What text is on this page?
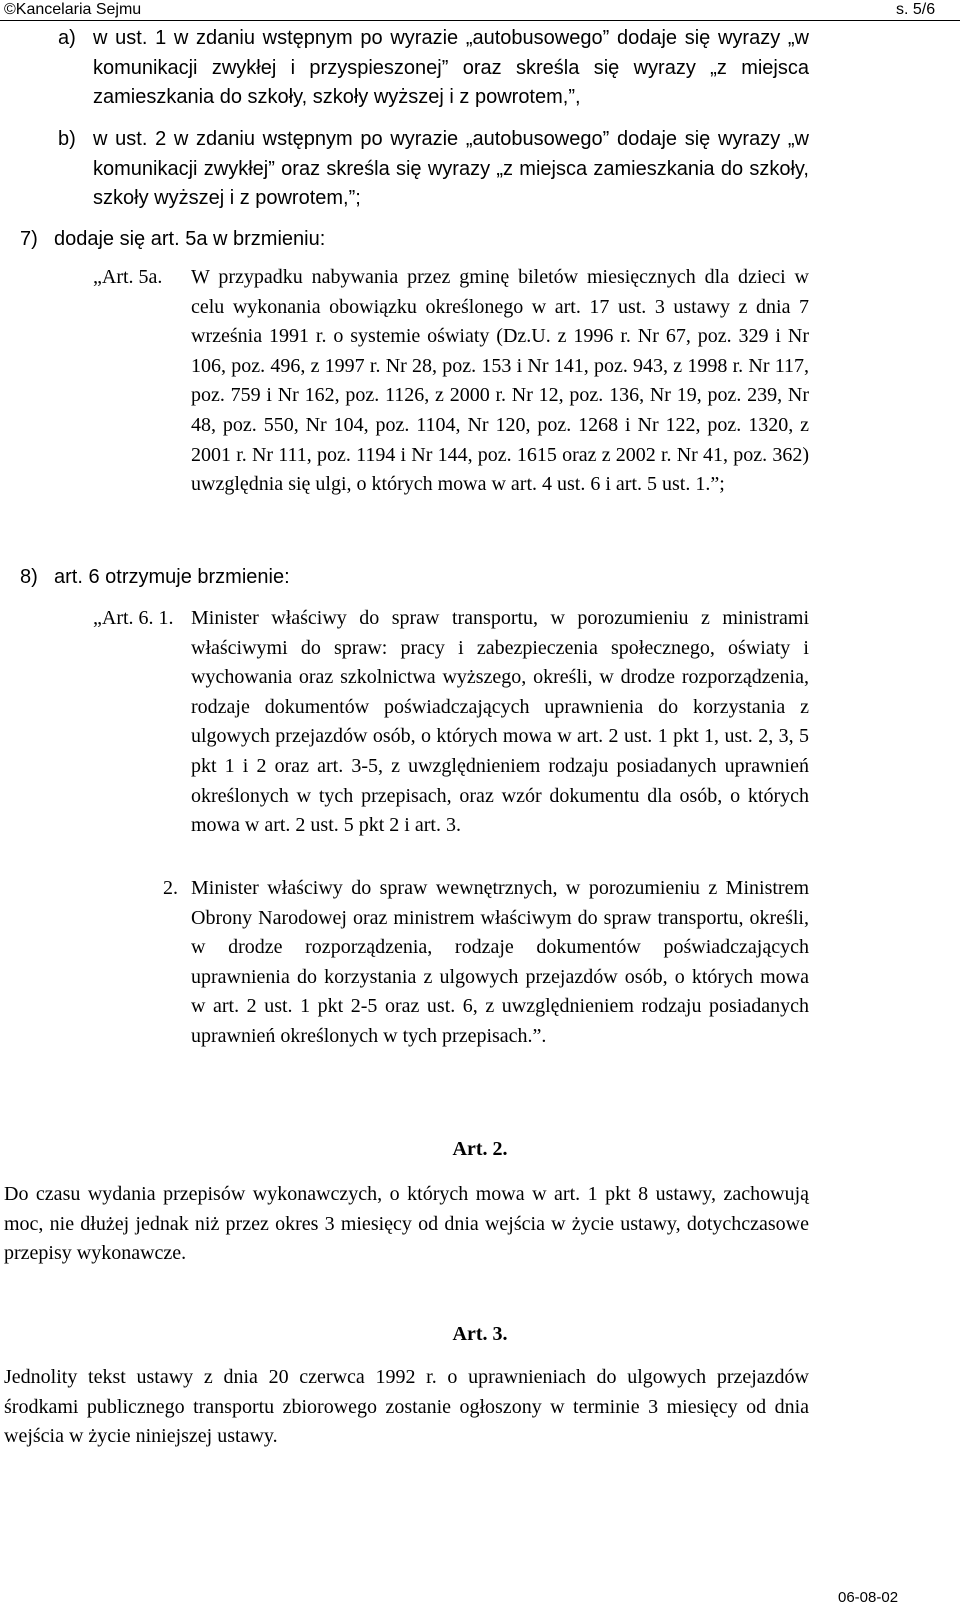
©Kancelaria Sejmu	s. 5/6
a) w ust. 1 w zdaniu wstępnym po wyrazie „autobusowego” dodaje się wyrazy „w komunikacji zwykłej i przyspieszonej” oraz skreśla się wyrazy „z miejsca zamieszkania do szkoły, szkoły wyższej i z powrotem,”,

b) w ust. 2 w zdaniu wstępnym po wyrazie „autobusowego” dodaje się wyrazy „w komunikacji zwykłej” oraz skreśla się wyrazy „z miejsca zamieszkania do szkoły, szkoły wyższej i z powrotem,”;

7) dodaje się art. 5a w brzmieniu:

„Art. 5a. W przypadku nabywania przez gminę biletów miesięcznych dla dzieci w celu wykonania obowiązku określonego w art. 17 ust. 3 ustawy z dnia 7 września 1991 r. o systemie oświaty (Dz.U. z 1996 r. Nr 67, poz. 329 i Nr 106, poz. 496, z 1997 r. Nr 28, poz. 153 i Nr 141, poz. 943, z 1998 r. Nr 117, poz. 759 i Nr 162, poz. 1126, z 2000 r. Nr 12, poz. 136, Nr 19, poz. 239, Nr 48, poz. 550, Nr 104, poz. 1104, Nr 120, poz. 1268 i Nr 122, poz. 1320, z 2001 r. Nr 111, poz. 1194 i Nr 144, poz. 1615 oraz z 2002 r. Nr 41, poz. 362) uwzględnia się ulgi, o których mowa w art. 4 ust. 6 i art. 5 ust. 1.”;

8) art. 6 otrzymuje brzmienie:

„Art. 6. 1. Minister właściwy do spraw transportu, w porozumieniu z ministrami właściwymi do spraw: pracy i zabezpieczenia społecznego, oświaty i wychowania oraz szkolnictwa wyższego, określi, w drodze rozporządzenia, rodzaje dokumentów poświadczających uprawnienia do korzystania z ulgowych przejazdów osób, o których mowa w art. 2 ust. 1 pkt 1, ust. 2, 3, 5 pkt 1 i 2 oraz art. 3-5, z uwzględnieniem rodzaju posiadanych uprawnień określonych w tych przepisach, oraz wzór dokumentu dla osób, o których mowa w art. 2 ust. 5 pkt 2 i art. 3.

2. Minister właściwy do spraw wewnętrznych, w porozumieniu z Ministrem Obrony Narodowej oraz ministrem właściwym do spraw transportu, określi, w drodze rozporządzenia, rodzaje dokumentów poświadczających uprawnienia do korzystania z ulgowych przejazdów osób, o których mowa w art. 2 ust. 1 pkt 2-5 oraz ust. 6, z uwzględnieniem rodzaju posiadanych uprawnień określonych w tych przepisach.”.

Art. 2.

Do czasu wydania przepisów wykonawczych, o których mowa w art. 1 pkt 8 ustawy, zachowują moc, nie dłużej jednak niż przez okres 3 miesięcy od dnia wejścia w życie ustawy, dotychczasowe przepisy wykonawcze.

Art. 3.

Jednolity tekst ustawy z dnia 20 czerwca 1992 r. o uprawnieniach do ulgowych przejazdów środkami publicznego transportu zbiorowego zostanie ogłoszony w terminie 3 miesięcy od dnia wejścia w życie niniejszej ustawy.

06-08-02
